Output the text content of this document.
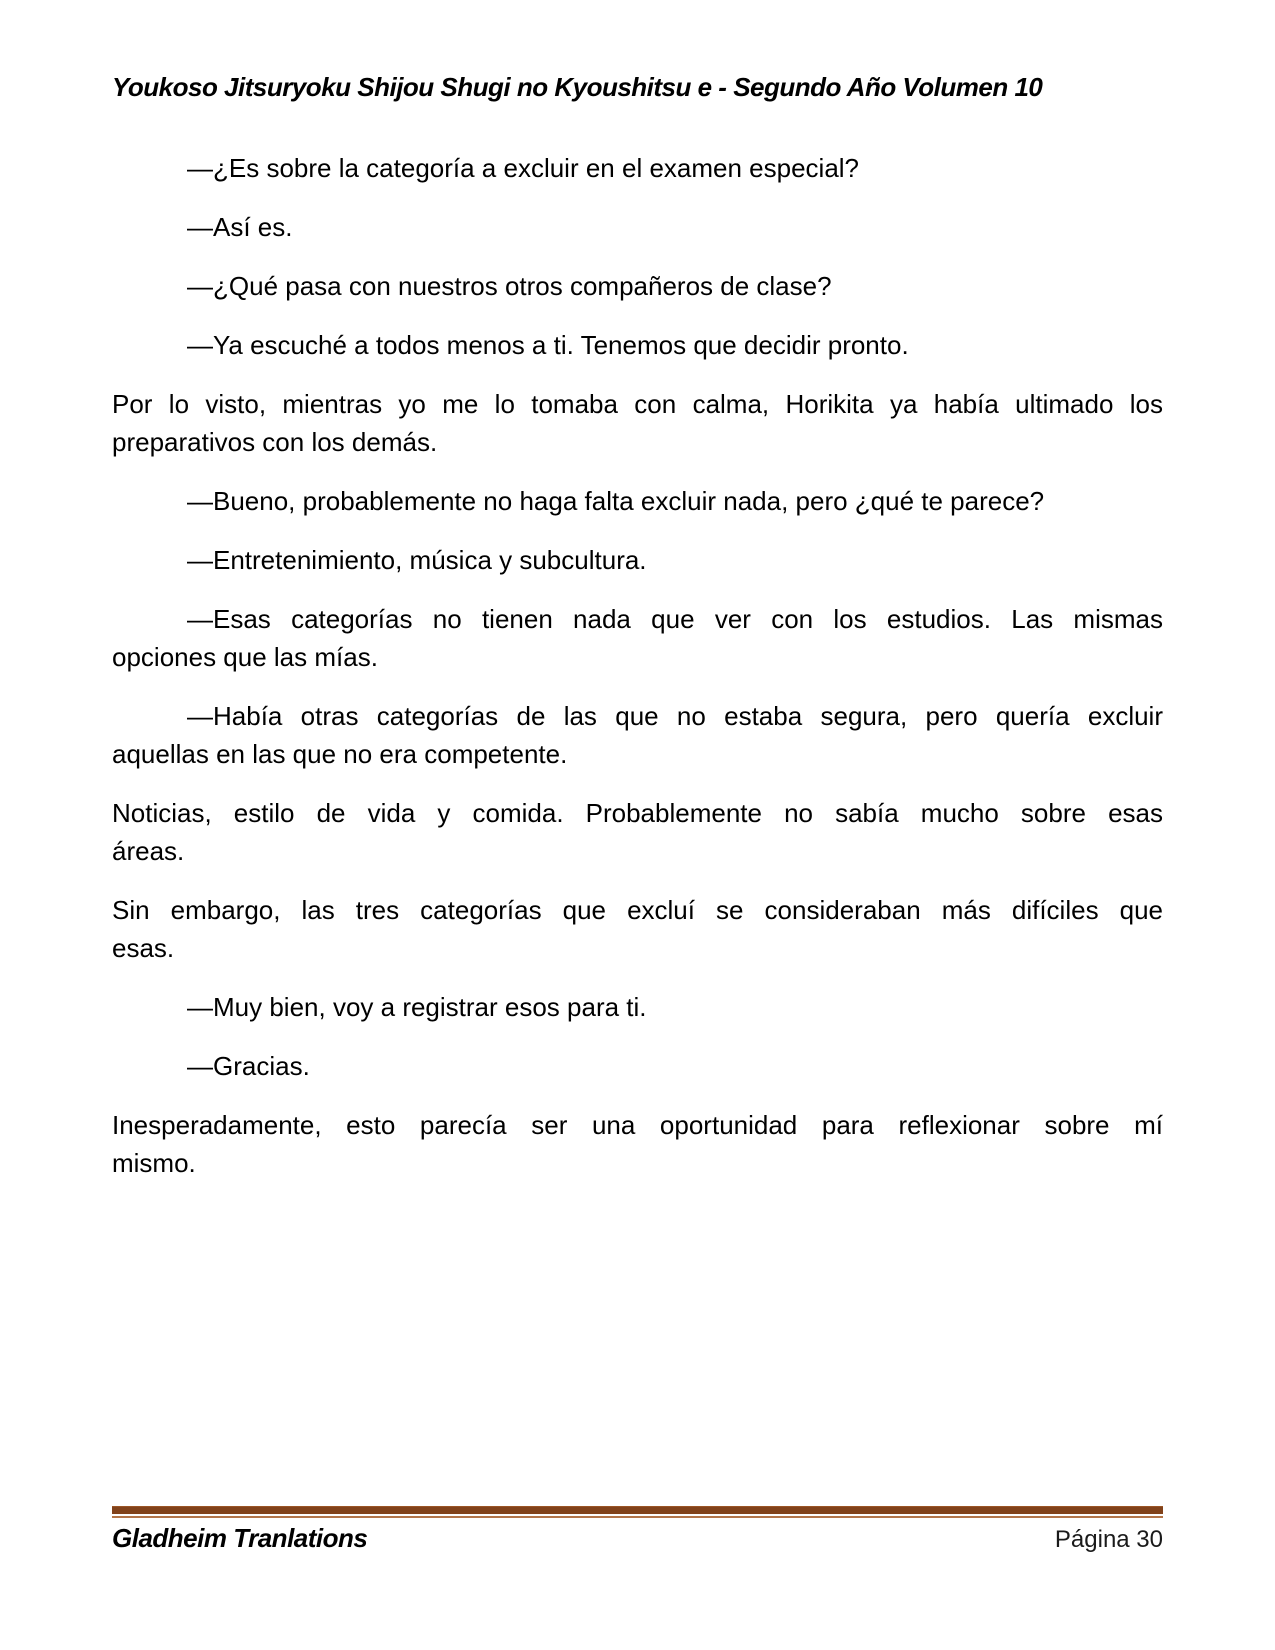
Youkoso Jitsuryoku Shijou Shugi no Kyoushitsu e - Segundo Año Volumen 10
—¿Es sobre la categoría a excluir en el examen especial?
—Así es.
—¿Qué pasa con nuestros otros compañeros de clase?
—Ya escuché a todos menos a ti. Tenemos que decidir pronto.
Por lo visto, mientras yo me lo tomaba con calma, Horikita ya había ultimado los
preparativos con los demás.
—Bueno, probablemente no haga falta excluir nada, pero ¿qué te parece?
—Entretenimiento, música y subcultura.
—Esas categorías no tienen nada que ver con los estudios. Las mismas
opciones que las mías.
—Había otras categorías de las que no estaba segura, pero quería excluir
aquellas en las que no era competente.
Noticias, estilo de vida y comida. Probablemente no sabía mucho sobre esas
áreas.
Sin embargo, las tres categorías que excluí se consideraban más difíciles que
esas.
—Muy bien, voy a registrar esos para ti.
—Gracias.
Inesperadamente, esto parecía ser una oportunidad para reflexionar sobre mí
mismo.
Gladheim Tranlations	Página 30
